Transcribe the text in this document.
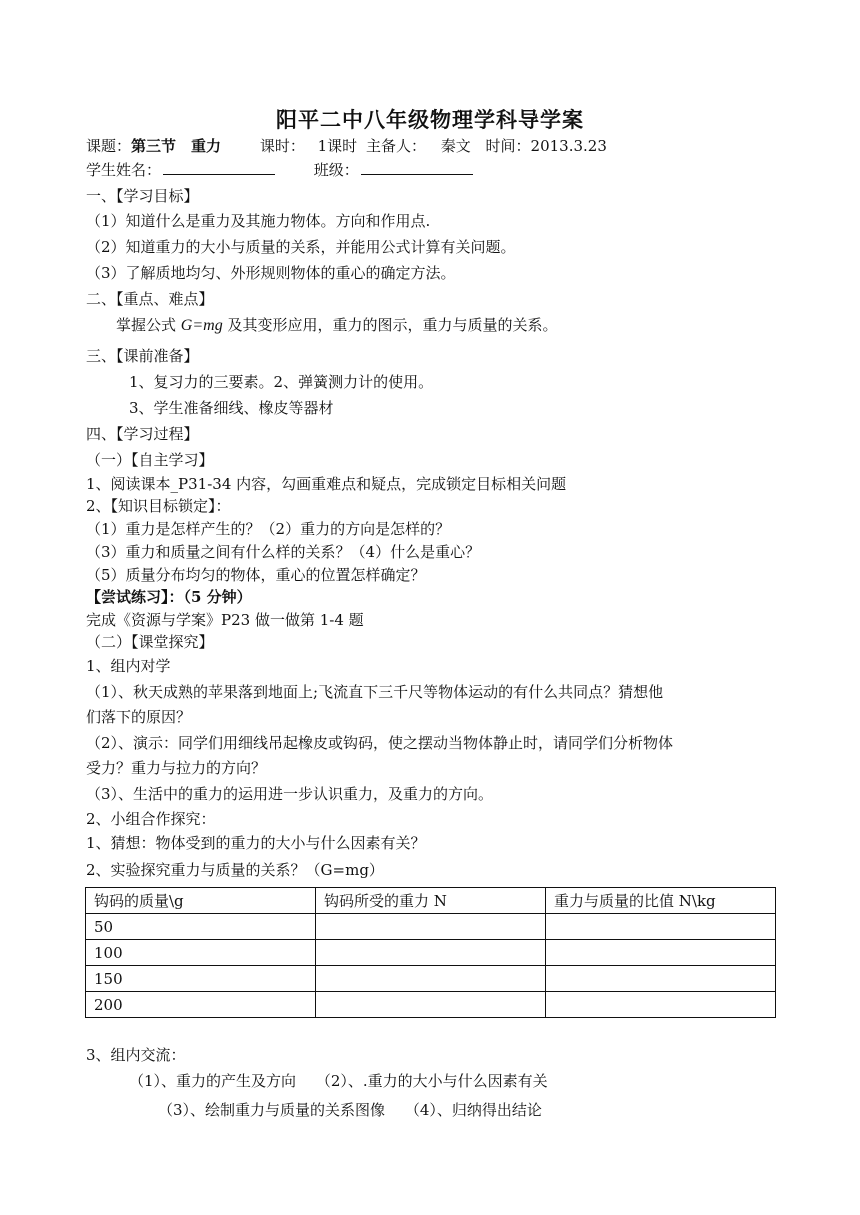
阳平二中八年级物理学科导学案
课题：第三节　重力	课时： 1课时 主备人： 秦文 时间：2013.3.23
学生姓名：	班级：
一、【学习目标】
（1）知道什么是重力及其施力物体。方向和作用点.
（2）知道重力的大小与质量的关系，并能用公式计算有关问题。
（3）了解质地均匀、外形规则物体的重心的确定方法。
二、【重点、难点】
掌握公式 G=mg 及其变形应用，重力的图示，重力与质量的关系。
三、【课前准备】
1、复习力的三要素。2、弹簧测力计的使用。
3、学生准备细线、橡皮等器材
四、【学习过程】
（一）【自主学习】
1、阅读课本_P31-34 内容，勾画重难点和疑点，完成锁定目标相关问题
2、【知识目标锁定】：
（1）重力是怎样产生的？（2）重力的方向是怎样的？
（3）重力和质量之间有什么样的关系？（4）什么是重心？
（5）质量分布均匀的物体，重心的位置怎样确定？
【尝试练习】：（5 分钟）
完成《资源与学案》P23 做一做第 1-4 题
（二）【课堂探究】
1、组内对学
（1）、秋天成熟的苹果落到地面上;飞流直下三千尺等物体运动的有什么共同点？猜想他
们落下的原因？
（2）、演示：同学们用细线吊起橡皮或钩码，使之摆动当物体静止时，请同学们分析物体
受力？重力与拉力的方向？
（3）、生活中的重力的运用进一步认识重力，及重力的方向。
2、小组合作探究：
1、猜想：物体受到的重力的大小与什么因素有关？
2、实验探究重力与质量的关系？（G=mg）
钩码的质量\g	钩码所受的重力 N	重力与质量的比值 N\kg
50		
100		
150		
200		
3、组内交流：
（1）、重力的产生及方向　 （2）、.重力的大小与什么因素有关
（3）、绘制重力与质量的关系图像　 （4）、归纳得出结论
